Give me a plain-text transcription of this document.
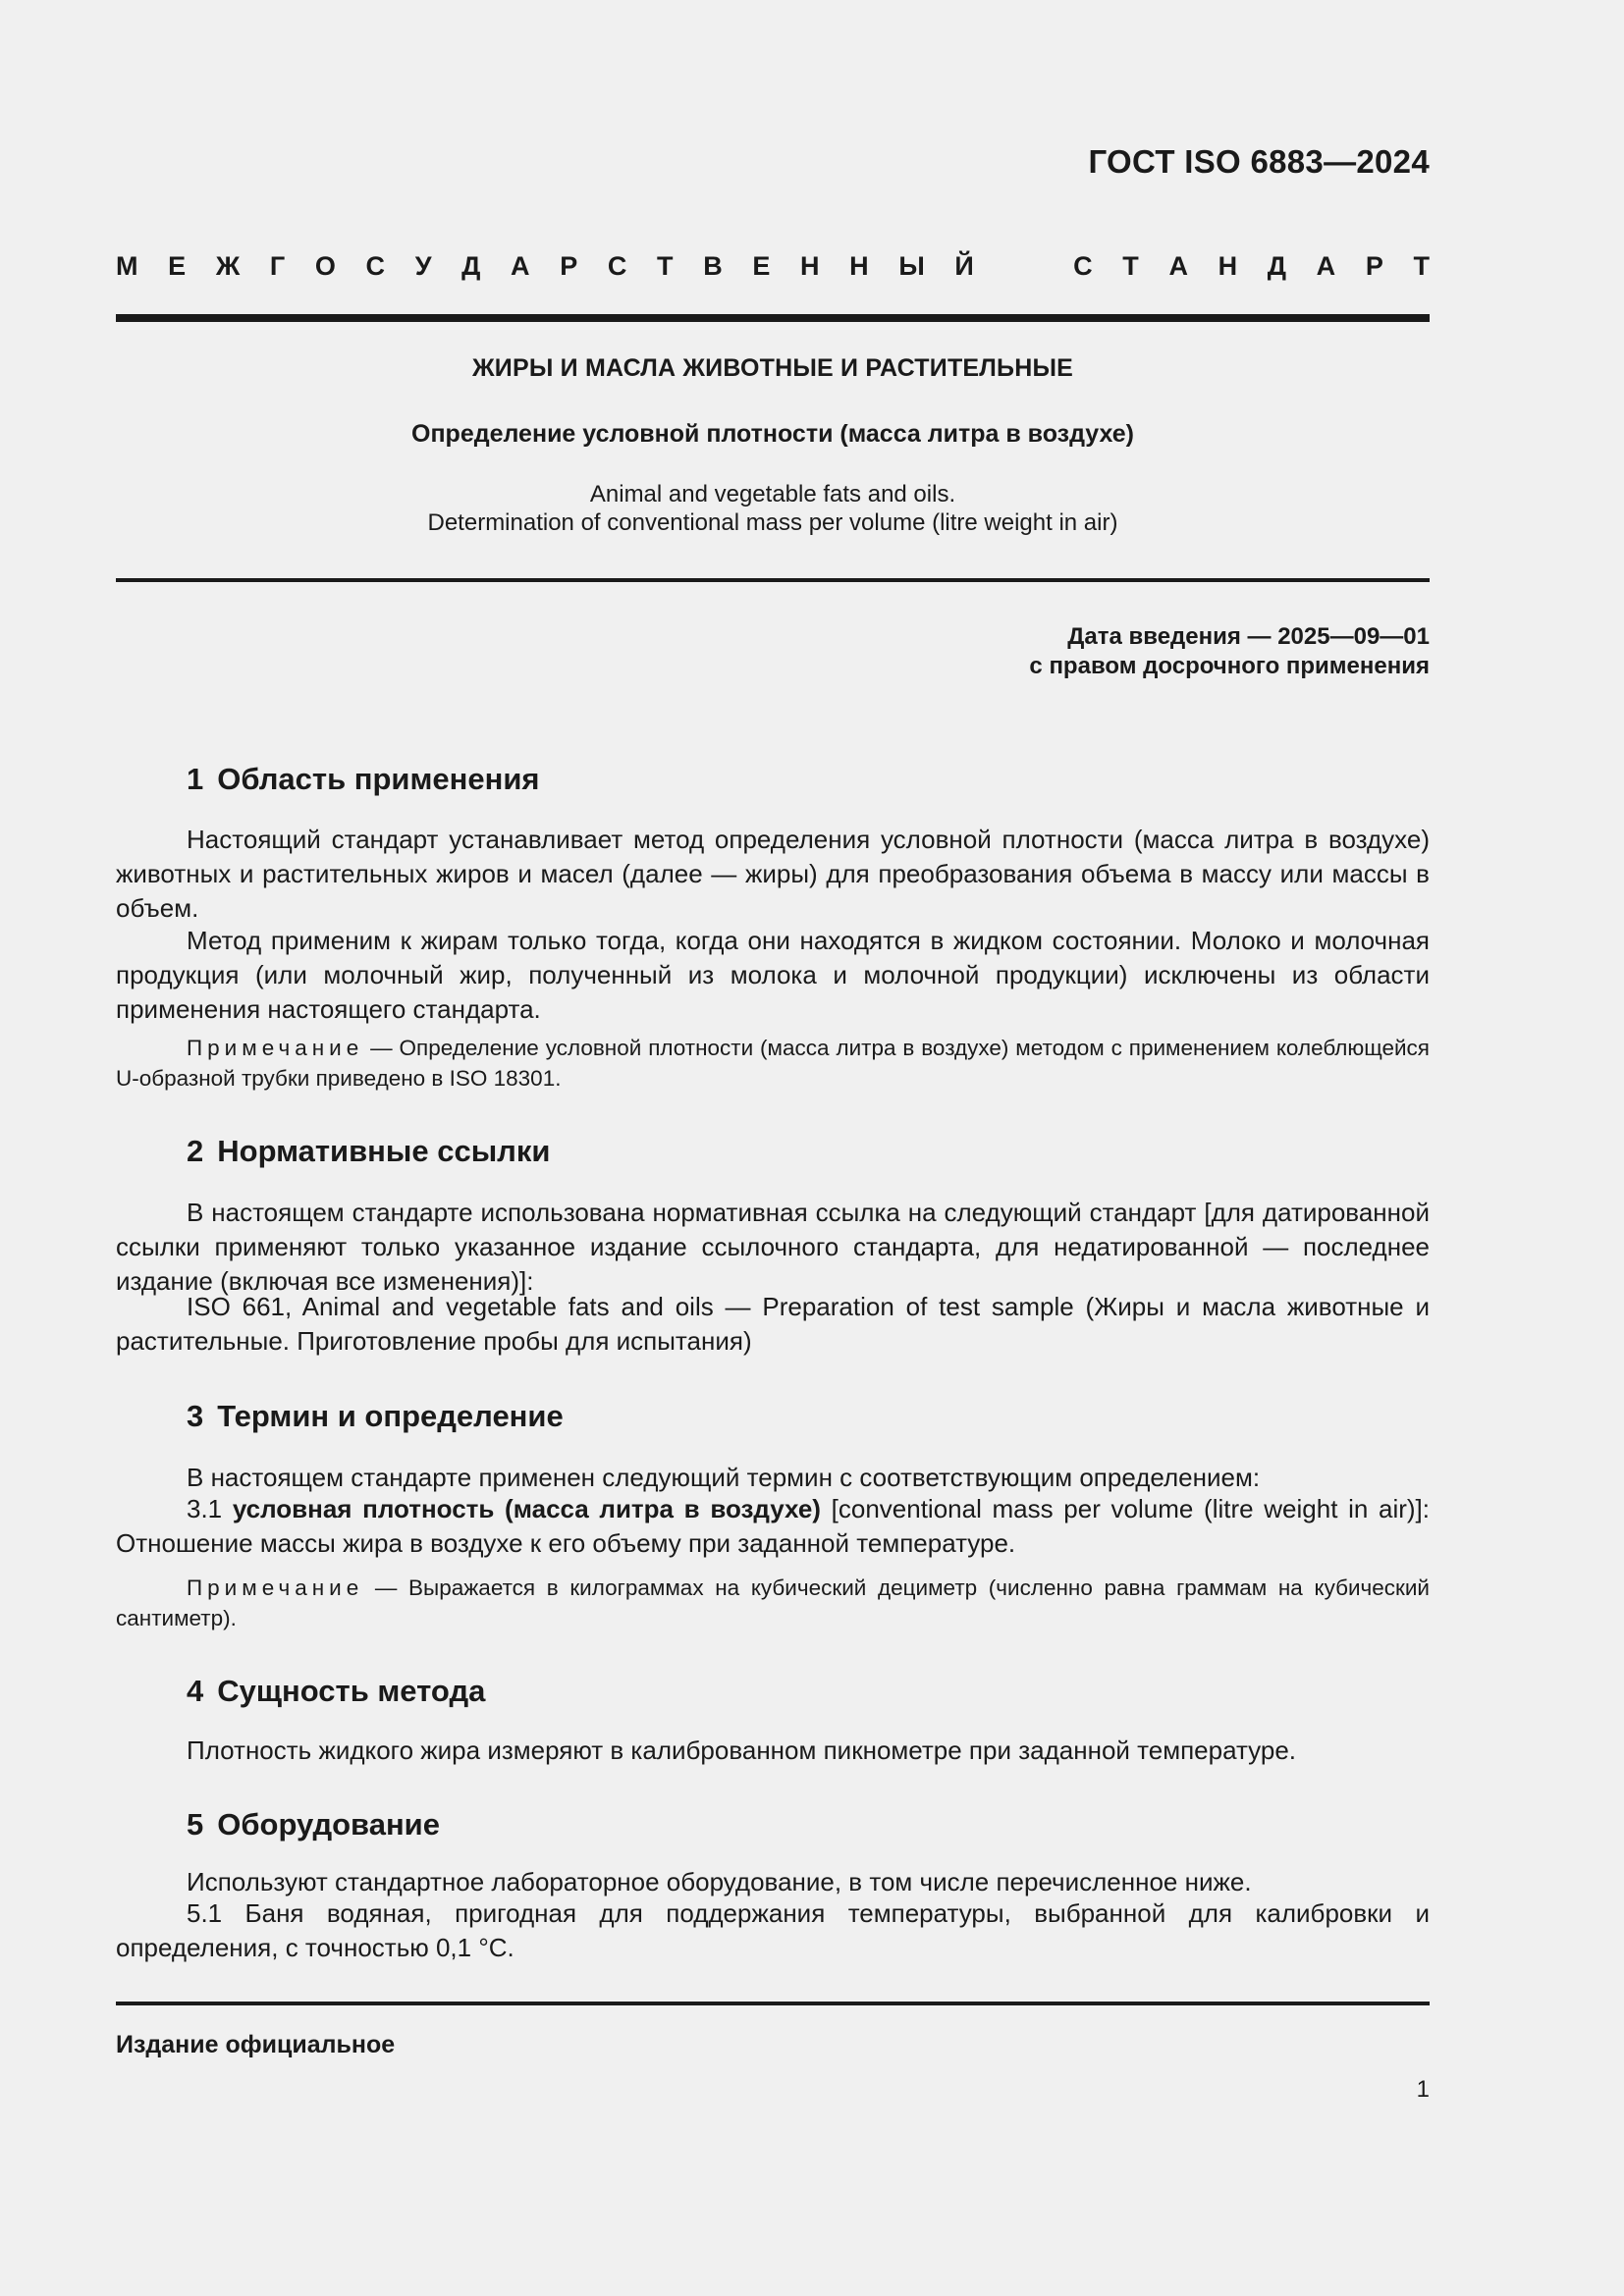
ГОСТ ISO 6883—2024
М Е Ж Г О С У Д А Р С Т В Е Н Н Ы Й	С Т А Н Д А Р Т
ЖИРЫ И МАСЛА ЖИВОТНЫЕ И РАСТИТЕЛЬНЫЕ
Определение условной плотности (масса литра в воздухе)
Animal and vegetable fats and oils.
Determination of conventional mass per volume (litre weight in air)
Дата введения — 2025—09—01
с правом досрочного применения
1 Область применения
Настоящий стандарт устанавливает метод определения условной плотности (масса литра в воздухе) животных и растительных жиров и масел (далее — жиры) для преобразования объема в массу или массы в объем.
Метод применим к жирам только тогда, когда они находятся в жидком состоянии. Молоко и молочная продукция (или молочный жир, полученный из молока и молочной продукции) исключены из области применения настоящего стандарта.
Примечание — Определение условной плотности (масса литра в воздухе) методом с применением колеблющейся U-образной трубки приведено в ISO 18301.
2 Нормативные ссылки
В настоящем стандарте использована нормативная ссылка на следующий стандарт [для датированной ссылки применяют только указанное издание ссылочного стандарта, для недатированной — последнее издание (включая все изменения)]:
ISO 661, Animal and vegetable fats and oils — Preparation of test sample (Жиры и масла животные и растительные. Приготовление пробы для испытания)
3 Термин и определение
В настоящем стандарте применен следующий термин с соответствующим определением:
3.1 условная плотность (масса литра в воздухе) [conventional mass per volume (litre weight in air)]: Отношение массы жира в воздухе к его объему при заданной температуре.
Примечание — Выражается в килограммах на кубический дециметр (численно равна граммам на кубический сантиметр).
4 Сущность метода
Плотность жидкого жира измеряют в калиброванном пикнометре при заданной температуре.
5 Оборудование
Используют стандартное лабораторное оборудование, в том числе перечисленное ниже.
5.1 Баня водяная, пригодная для поддержания температуры, выбранной для калибровки и определения, с точностью 0,1 °С.
Издание официальное
1
